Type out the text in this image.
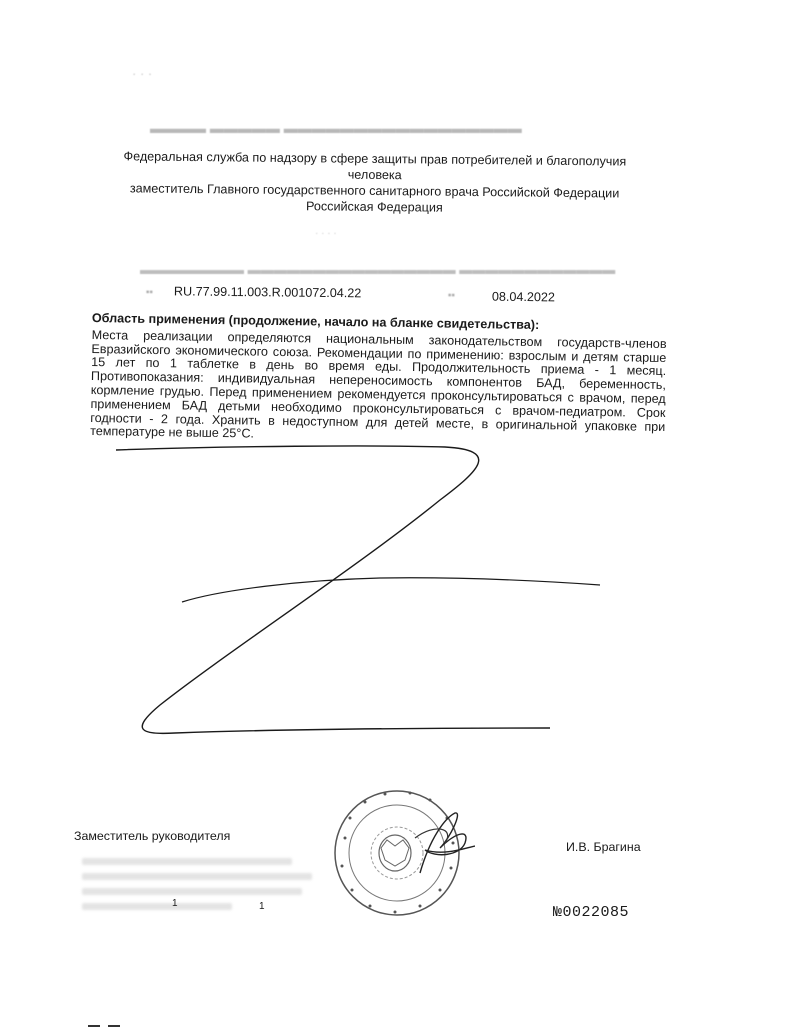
· · ·
▬▬▬▬ ▬▬▬▬▬ ▬▬▬▬▬▬▬▬▬▬▬▬▬▬▬▬▬
· · · ·
▬▬▬▬▬▬▬▬ ▬▬▬▬▬▬▬▬▬▬▬▬▬▬▬▬ ▬▬▬▬▬▬▬▬▬▬▬▬
Федеральная служба по надзору в сфере защиты прав потребителей и благополучия человека
заместитель Главного государственного санитарного врача Российской Федерации
Российская Федерация
▪▪ RU.77.99.11.003.R.001072.04.22	▪▪	08.04.2022
Область применения (продолжение, начало на бланке свидетельства):
Места реализации определяются национальным законодательством государств-членов Евразийского экономического союза. Рекомендации по применению: взрослым и детям старше 15 лет по 1 таблетке в день во время еды. Продолжительность приема - 1 месяц. Противопоказания: индивидуальная непереносимость компонентов БАД, беременность, кормление грудью. Перед применением рекомендуется проконсультироваться с врачом, перед применением БАД детьми необходимо проконсультироваться с врачом-педиатром. Срок годности - 2 года. Хранить в недоступном для детей месте, в оригинальной упаковке при температуре не выше 25°С.
Заместитель руководителя
И.В. Брагина
1	1	№0022085
